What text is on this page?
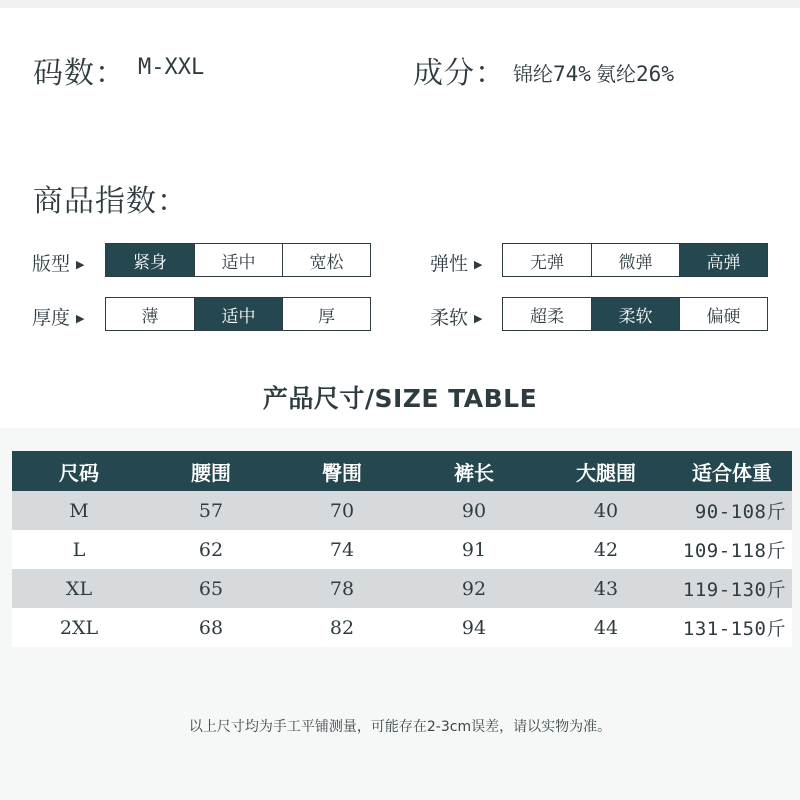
码数： M-XXL	成分： 锦纶74% 氨纶26%
商品指数：
版型 ▶	紧身	适中	宽松	弹性 ▶	无弹	微弹	高弹
厚度 ▶	薄	适中	厚	柔软 ▶	超柔	柔软	偏硬
产品尺寸/SIZE TABLE
尺码	腰围	臀围	裤长	大腿围	适合体重
M	57	70	90	40	90-108斤
L	62	74	91	42	109-118斤
XL	65	78	92	43	119-130斤
2XL	68	82	94	44	131-150斤
以上尺寸均为手工平铺测量，可能存在2-3cm误差，请以实物为准。
